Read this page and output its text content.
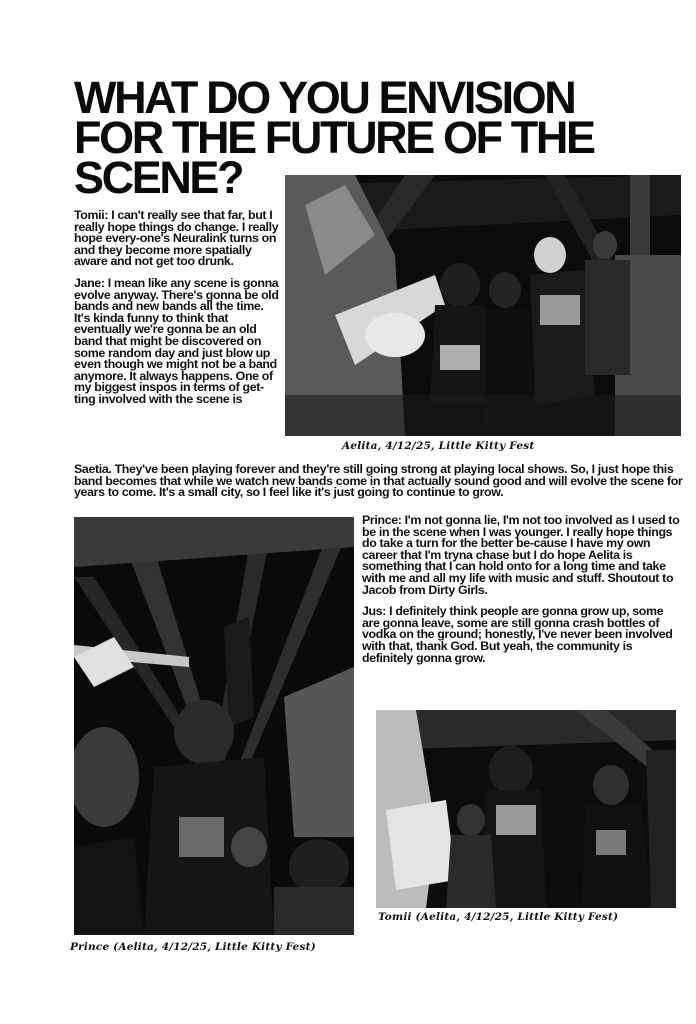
WHAT DO YOU ENVISION
FOR THE FUTURE OF THE
SCENE?

Tomii: I can't really see that far, but I really hope things do change. I really hope every-one's Neuralink turns on and they become more spatially aware and not get too drunk.

Jane: I mean like any scene is gonna evolve anyway. There's gonna be old bands and new bands all the time. It's kinda funny to think that eventually we're gonna be an old band that might be discovered on some random day and just blow up even though we might not be a band anymore. It always happens. One of my biggest inspos in terms of get-ting involved with the scene is

Aelita, 4/12/25, Little Kitty Fest

Saetia. They've been playing forever and they're still going strong at playing local shows. So, I just hope this band becomes that while we watch new bands come in that actually sound good and will evolve the scene for years to come. It's a small city, so I feel like it's just going to continue to grow.

Prince (Aelita, 4/12/25, Little Kitty Fest)

Prince: I'm not gonna lie, I'm not too involved as I used to be in the scene when I was younger. I really hope things do take a turn for the better be-cause I have my own career that I'm tryna chase but I do hope Aelita is something that I can hold onto for a long time and take with me and all my life with music and stuff. Shoutout to Jacob from Dirty Girls.

Jus: I definitely think people are gonna grow up, some are gonna leave, some are still gonna crash bottles of vodka on the ground; honestly, I've never been involved with that, thank God. But yeah, the community is definitely gonna grow.

Tomii (Aelita, 4/12/25, Little Kitty Fest)
